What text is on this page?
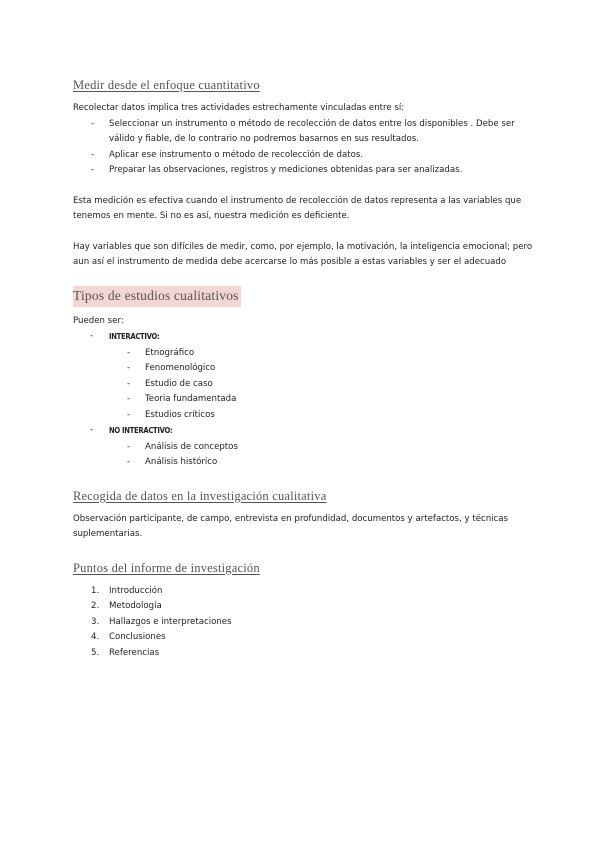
Medir desde el enfoque cuantitativo

Recolectar datos implica tres actividades estrechamente vinculadas entre sí:

- Seleccionar un instrumento o método de recolección de datos entre los disponibles . Debe ser válido y fiable, de lo contrario no podremos basarnos en sus resultados.
- Aplicar ese instrumento o método de recolección de datos.
- Preparar las observaciones, registros y mediciones obtenidas para ser analizadas.

Esta medición es efectiva cuando el instrumento de recolección de datos representa a las variables que tenemos en mente. Si no es así, nuestra medición es deficiente.

Hay variables que son difíciles de medir, como, por ejemplo, la motivación, la inteligencia emocional; pero aun así el instrumento de medida debe acercarse lo más posible a estas variables y ser el adecuado

Tipos de estudios cualitativos

Pueden ser:

- INTERACTIVO:
- Etnográfico
- Fenomenológico
- Estudio de caso
- Teoria fundamentada
- Estudios críticos
- NO INTERACTIVO:
- Análisis de conceptos
- Análisis histórico
Recogida de datos en la investigación cualitativa

Observación participante, de campo, entrevista en profundidad, documentos y artefactos, y técnicas suplementarias.

Puntos del informe de investigación
1. Introducción
2. Metodología
3. Hallazgos e interpretaciones
4. Conclusiones
5. Referencias
